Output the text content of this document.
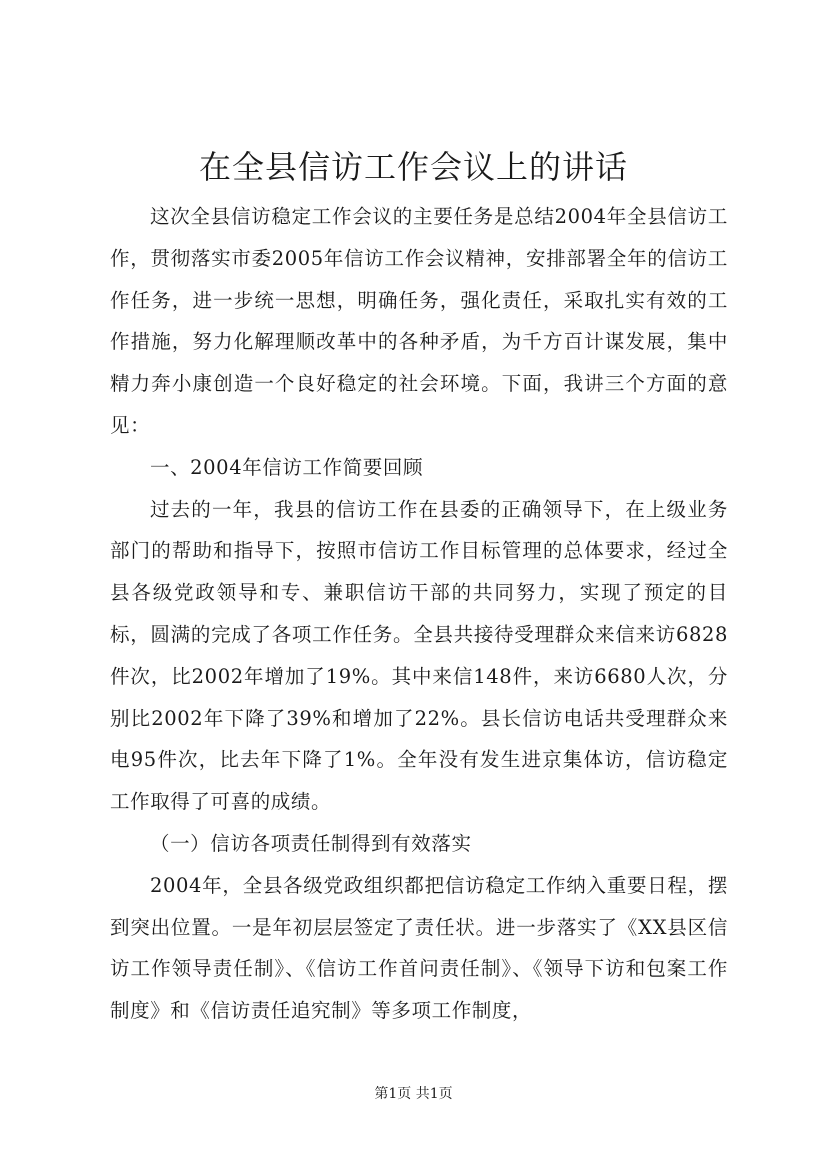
在全县信访工作会议上的讲话

这次全县信访稳定工作会议的主要任务是总结2004年全县信访工作，贯彻落实市委2005年信访工作会议精神，安排部署全年的信访工作任务，进一步统一思想，明确任务，强化责任，采取扎实有效的工作措施，努力化解理顺改革中的各种矛盾，为千方百计谋发展，集中精力奔小康创造一个良好稳定的社会环境。下面，我讲三个方面的意见：

一、2004年信访工作简要回顾

过去的一年，我县的信访工作在县委的正确领导下，在上级业务部门的帮助和指导下，按照市信访工作目标管理的总体要求，经过全县各级党政领导和专、兼职信访干部的共同努力，实现了预定的目标，圆满的完成了各项工作任务。全县共接待受理群众来信来访6828件次，比2002年增加了19%。其中来信148件，来访6680人次，分别比2002年下降了39%和增加了22%。县长信访电话共受理群众来电95件次，比去年下降了1%。全年没有发生进京集体访，信访稳定工作取得了可喜的成绩。

（一）信访各项责任制得到有效落实

2004年，全县各级党政组织都把信访稳定工作纳入重要日程，摆到突出位置。一是年初层层签定了责任状。进一步落实了《XX县区信访工作领导责任制》、《信访工作首问责任制》、《领导下访和包案工作制度》和《信访责任追究制》等多项工作制度，

第1页 共1页
